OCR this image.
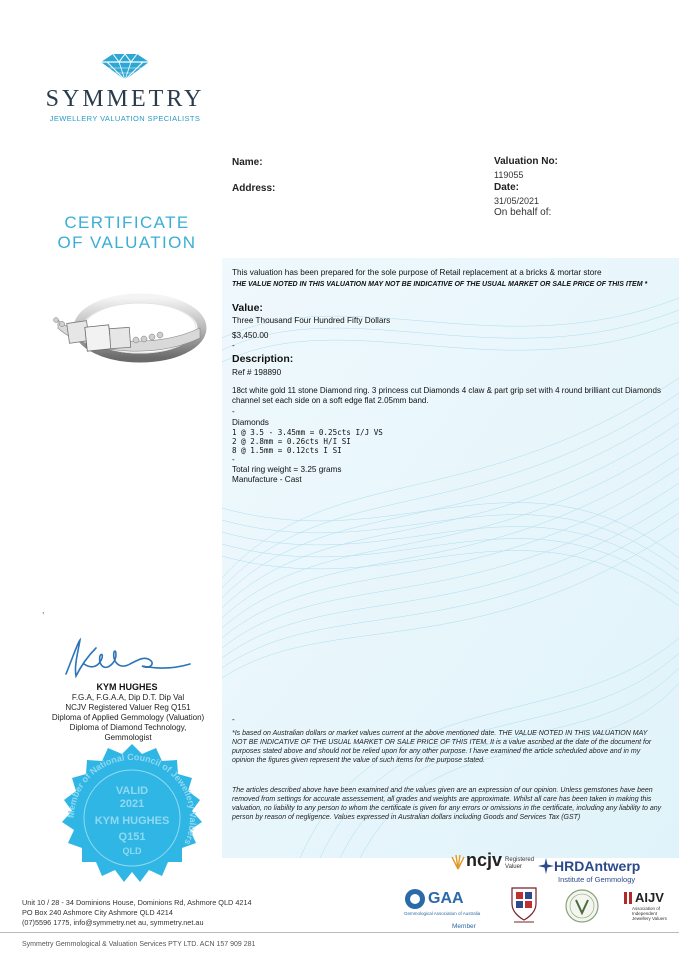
SYMMETRY
JEWELLERY VALUATION SPECIALISTS
CERTIFICATE
OF VALUATION
Name:
Address:
Valuation No:
119055
Date:
31/05/2021
On behalf of:
This valuation has been prepared for the sole purpose of Retail replacement at a bricks & mortar store
THE VALUE NOTED IN THIS VALUATION MAY NOT BE INDICATIVE OF THE USUAL MARKET OR SALE PRICE OF THIS ITEM *
Value:
Three Thousand Four Hundred Fifty Dollars
$3,450.00
-
Description:
Ref # 198890
18ct white gold 11 stone Diamond ring. 3 princess cut Diamonds 4 claw & part grip set with 4 round brilliant cut Diamonds channel set each side on a soft edge flat 2.05mm band.
-
Diamonds
1 @ 3.5 - 3.45mm = 0.25cts I/J VS
2 @ 2.8mm = 0.26cts H/I SI
8 @ 1.5mm = 0.12cts I SI
-
Total ring weight = 3.25 grams
Manufacture - Cast
,
-
*Is based on Australian dollars or market values current at the above mentioned date. THE VALUE NOTED IN THIS VALUATION MAY NOT BE INDICATIVE OF THE USUAL MARKET OR SALE PRICE OF THIS ITEM. It is a value ascribed at the date of the document for purposes stated above and should not be relied upon for any other purpose. I have examined the article scheduled above and in my opinion the figures given represent the value of such items for the purpose stated.
The articles described above have been examined and the values given are an expression of our opinion. Unless gemstones have been removed from settings for accurate assessement, all grades and weights are approximate. Whilst all care has been taken in making this valuation, no liability to any person to whom the certificate is given for any errors or omissions in the certificate, including any liability to any person by reason of negligence. Values expressed in Australian dollars including Goods and Services Tax (GST)
KYM HUGHES
F.G.A, F.G.A.A, Dip D.T. Dip Val
NCJV Registered Valuer Reg Q151
Diploma of Applied Gemmology (Valuation)
Diploma of Diamond Technology,
Gemmologist
Member of National Council of Jewellery Valuers
VALID
2021
KYM HUGHES
Q151
QLD	ncjv Registered
Valuer	HRDAntwerp
Institute of Gemmology
GAA
Gemmological Association of Australia
Member
AIJV
Association of
Independent
Jewellery Valuers
Unit 10 / 28 - 34 Dominions House, Dominions Rd, Ashmore QLD 4214
PO Box 240 Ashmore City Ashmore QLD 4214
(07)5596 1775, info@symmetry.net au, symmetry.net.au
Symmetry Gemmological & Valuation Services PTY LTD. ACN 157 909 281
